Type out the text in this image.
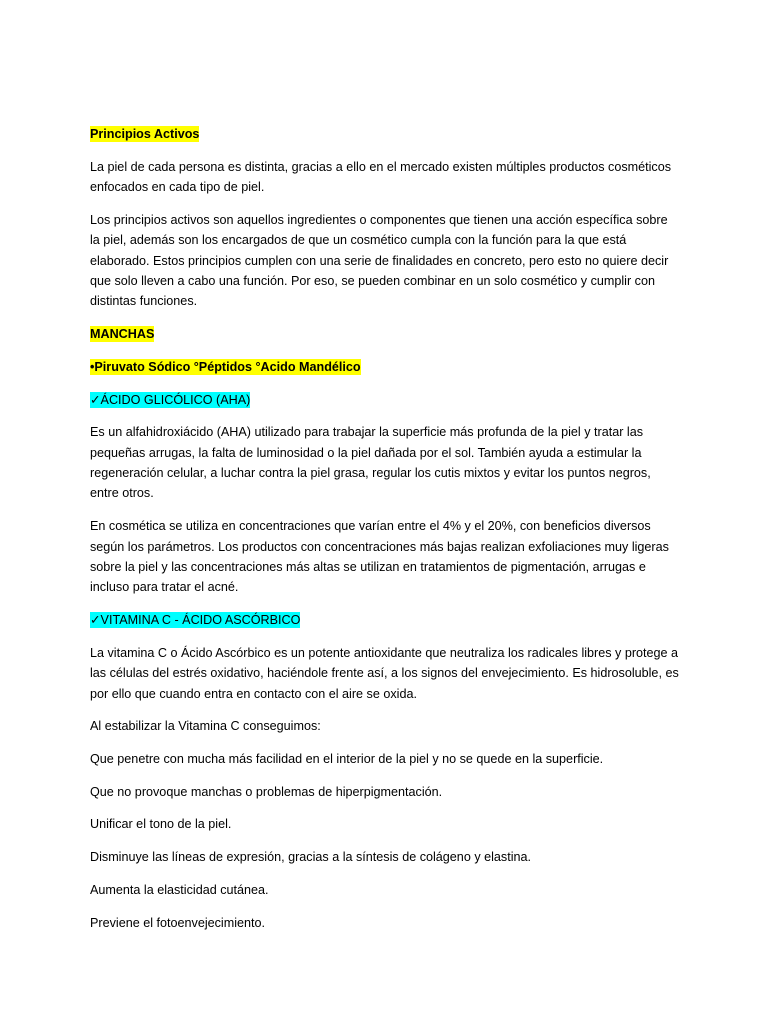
Principios Activos

La piel de cada persona es distinta, gracias a ello en el mercado existen múltiples productos cosméticos enfocados en cada tipo de piel.

Los principios activos son aquellos ingredientes o componentes que tienen una acción específica sobre la piel, además son los encargados de que un cosmético cumpla con la función para la que está elaborado. Estos principios cumplen con una serie de finalidades en concreto, pero esto no quiere decir que solo lleven a cabo una función. Por eso, se pueden combinar en un solo cosmético y cumplir con distintas funciones.

MANCHAS

•Piruvato Sódico °Péptidos °Acido Mandélico

✓ÁCIDO GLICÓLICO (AHA)

Es un alfahidroxiácido (AHA) utilizado para trabajar la superficie más profunda de la piel y tratar las pequeñas arrugas, la falta de luminosidad o la piel dañada por el sol. También ayuda a estimular la regeneración celular, a luchar contra la piel grasa, regular los cutis mixtos y evitar los puntos negros, entre otros.

En cosmética se utiliza en concentraciones que varían entre el 4% y el 20%, con beneficios diversos según los parámetros. Los productos con concentraciones más bajas realizan exfoliaciones muy ligeras sobre la piel y las concentraciones más altas se utilizan en tratamientos de pigmentación, arrugas e incluso para tratar el acné.

✓VITAMINA C - ÁCIDO ASCÓRBICO

La vitamina C o Ácido Ascórbico es un potente antioxidante que neutraliza los radicales libres y protege a las células del estrés oxidativo, haciéndole frente así, a los signos del envejecimiento. Es hidrosoluble, es por ello que cuando entra en contacto con el aire se oxida.

Al estabilizar la Vitamina C conseguimos:

Que penetre con mucha más facilidad en el interior de la piel y no se quede en la superficie.

Que no provoque manchas o problemas de hiperpigmentación.

Unificar el tono de la piel.

Disminuye las líneas de expresión, gracias a la síntesis de colágeno y elastina.

Aumenta la elasticidad cutánea.

Previene el fotoenvejecimiento.
